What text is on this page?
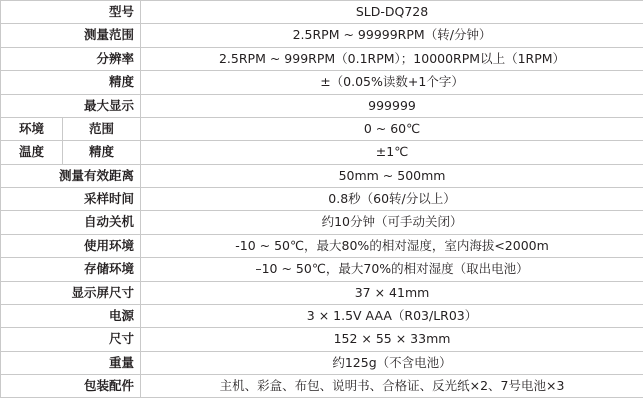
型号		SLD-DQ728
测量范围		2.5RPM ~ 99999RPM（转/分钟）
分辨率		2.5RPM ~ 999RPM（0.1RPM）；10000RPM以上（1RPM）
精度		±（0.05%读数+1个字）
最大显示		999999
环境	范围	0 ~ 60℃
温度	精度	±1℃
测量有效距离		50mm ~ 500mm
采样时间		0.8秒（60转/分以上）
自动关机		约10分钟（可手动关闭）
使用环境		-10 ~ 50℃，最大80%的相对湿度，室内海拔<2000m
存储环境		–10 ~ 50℃，最大70%的相对湿度（取出电池）
显示屏尺寸		37 × 41mm
电源		3 × 1.5V AAA（R03/LR03）
尺寸		152 × 55 × 33mm
重量		约125g（不含电池）
包装配件		主机、彩盒、布包、说明书、合格证、反光纸×2、7号电池×3
